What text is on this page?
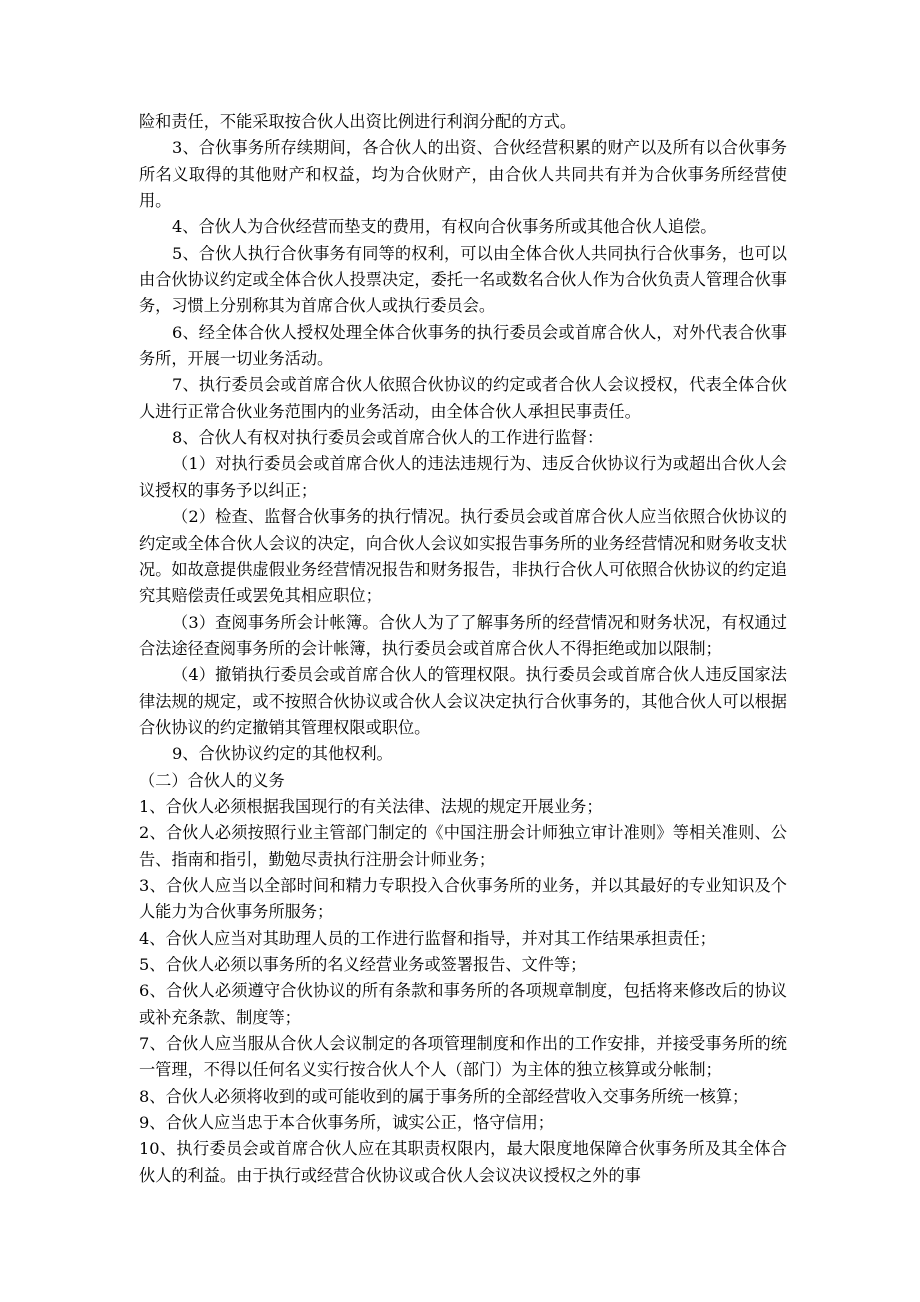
险和责任，不能采取按合伙人出资比例进行利润分配的方式。

3、合伙事务所存续期间，各合伙人的出资、合伙经营积累的财产以及所有以合伙事务所名义取得的其他财产和权益，均为合伙财产，由合伙人共同共有并为合伙事务所经营使用。

4、合伙人为合伙经营而垫支的费用，有权向合伙事务所或其他合伙人追偿。

5、合伙人执行合伙事务有同等的权利，可以由全体合伙人共同执行合伙事务，也可以由合伙协议约定或全体合伙人投票决定，委托一名或数名合伙人作为合伙负责人管理合伙事务，习惯上分别称其为首席合伙人或执行委员会。

6、经全体合伙人授权处理全体合伙事务的执行委员会或首席合伙人，对外代表合伙事务所，开展一切业务活动。

7、执行委员会或首席合伙人依照合伙协议的约定或者合伙人会议授权，代表全体合伙人进行正常合伙业务范围内的业务活动，由全体合伙人承担民事责任。

8、合伙人有权对执行委员会或首席合伙人的工作进行监督：

（1）对执行委员会或首席合伙人的违法违规行为、违反合伙协议行为或超出合伙人会议授权的事务予以纠正；

（2）检查、监督合伙事务的执行情况。执行委员会或首席合伙人应当依照合伙协议的约定或全体合伙人会议的决定，向合伙人会议如实报告事务所的业务经营情况和财务收支状况。如故意提供虚假业务经营情况报告和财务报告，非执行合伙人可依照合伙协议的约定追究其赔偿责任或罢免其相应职位；

（3）查阅事务所会计帐簿。合伙人为了了解事务所的经营情况和财务状况，有权通过合法途径查阅事务所的会计帐簿，执行委员会或首席合伙人不得拒绝或加以限制；

（4）撤销执行委员会或首席合伙人的管理权限。执行委员会或首席合伙人违反国家法律法规的规定，或不按照合伙协议或合伙人会议决定执行合伙事务的，其他合伙人可以根据合伙协议的约定撤销其管理权限或职位。

9、合伙协议约定的其他权利。

（二）合伙人的义务

1、合伙人必须根据我国现行的有关法律、法规的规定开展业务；

2、合伙人必须按照行业主管部门制定的《中国注册会计师独立审计准则》等相关准则、公告、指南和指引，勤勉尽责执行注册会计师业务；

3、合伙人应当以全部时间和精力专职投入合伙事务所的业务，并以其最好的专业知识及个人能力为合伙事务所服务；

4、合伙人应当对其助理人员的工作进行监督和指导，并对其工作结果承担责任；

5、合伙人必须以事务所的名义经营业务或签署报告、文件等；

6、合伙人必须遵守合伙协议的所有条款和事务所的各项规章制度，包括将来修改后的协议或补充条款、制度等；

7、合伙人应当服从合伙人会议制定的各项管理制度和作出的工作安排，并接受事务所的统一管理，不得以任何名义实行按合伙人个人（部门）为主体的独立核算或分帐制；

8、合伙人必须将收到的或可能收到的属于事务所的全部经营收入交事务所统一核算；

9、合伙人应当忠于本合伙事务所，诚实公正，恪守信用；

10、执行委员会或首席合伙人应在其职责权限内，最大限度地保障合伙事务所及其全体合伙人的利益。由于执行或经营合伙协议或合伙人会议决议授权之外的事
